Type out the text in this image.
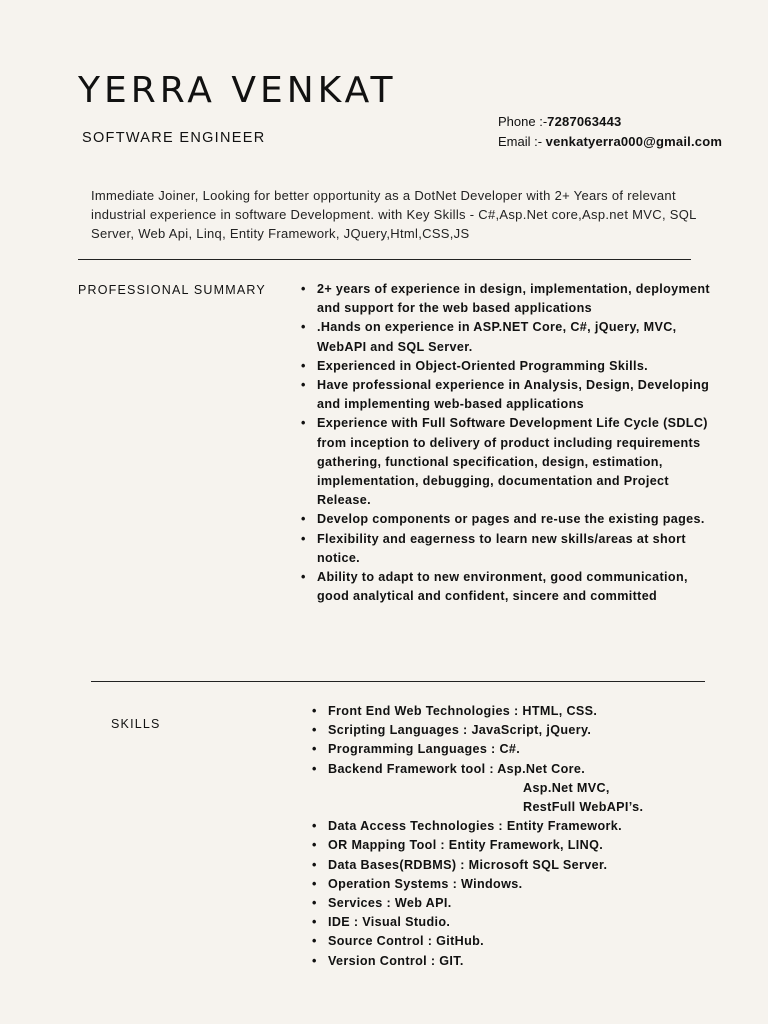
YERRA VENKAT
SOFTWARE ENGINEER
Phone :-7287063443
Email :- venkatyerra000@gmail.com
Immediate Joiner, Looking for better opportunity as a DotNet Developer with 2+ Years of relevant industrial experience in software Development. with Key Skills - C#,Asp.Net core,Asp.net MVC, SQL Server, Web Api, Linq, Entity Framework, JQuery,Html,CSS,JS
PROFESSIONAL SUMMARY
•	2+ years of experience in design, implementation, deployment and support for the web based applications
• .Hands on experience in ASP.NET Core, C#, jQuery, MVC, WebAPI and SQL Server.
• Experienced in Object-Oriented Programming Skills.
• Have professional experience in Analysis, Design, Developing and implementing web-based applications
• Experience with Full Software Development Life Cycle (SDLC) from inception to delivery of product including requirements gathering, functional specification, design, estimation, implementation, debugging, documentation and Project Release.
• Develop components or pages and re-use the existing pages.
• Flexibility and eagerness to learn new skills/areas at short notice.
• Ability to adapt to new environment, good communication, good analytical and confident, sincere and committed
SKILLS
• Front End Web Technologies : HTML, CSS.
• Scripting Languages : JavaScript, jQuery.
• Programming Languages : C#.
• Backend Framework tool : Asp.Net Core.
Asp.Net MVC,
RestFull WebAPI’s.
• Data Access Technologies : Entity Framework.
• OR Mapping Tool : Entity Framework, LINQ.
• Data Bases(RDBMS) : Microsoft SQL Server.
• Operation Systems : Windows.
• Services : Web API.
• IDE : Visual Studio.
• Source Control : GitHub.
• Version Control : GIT.
